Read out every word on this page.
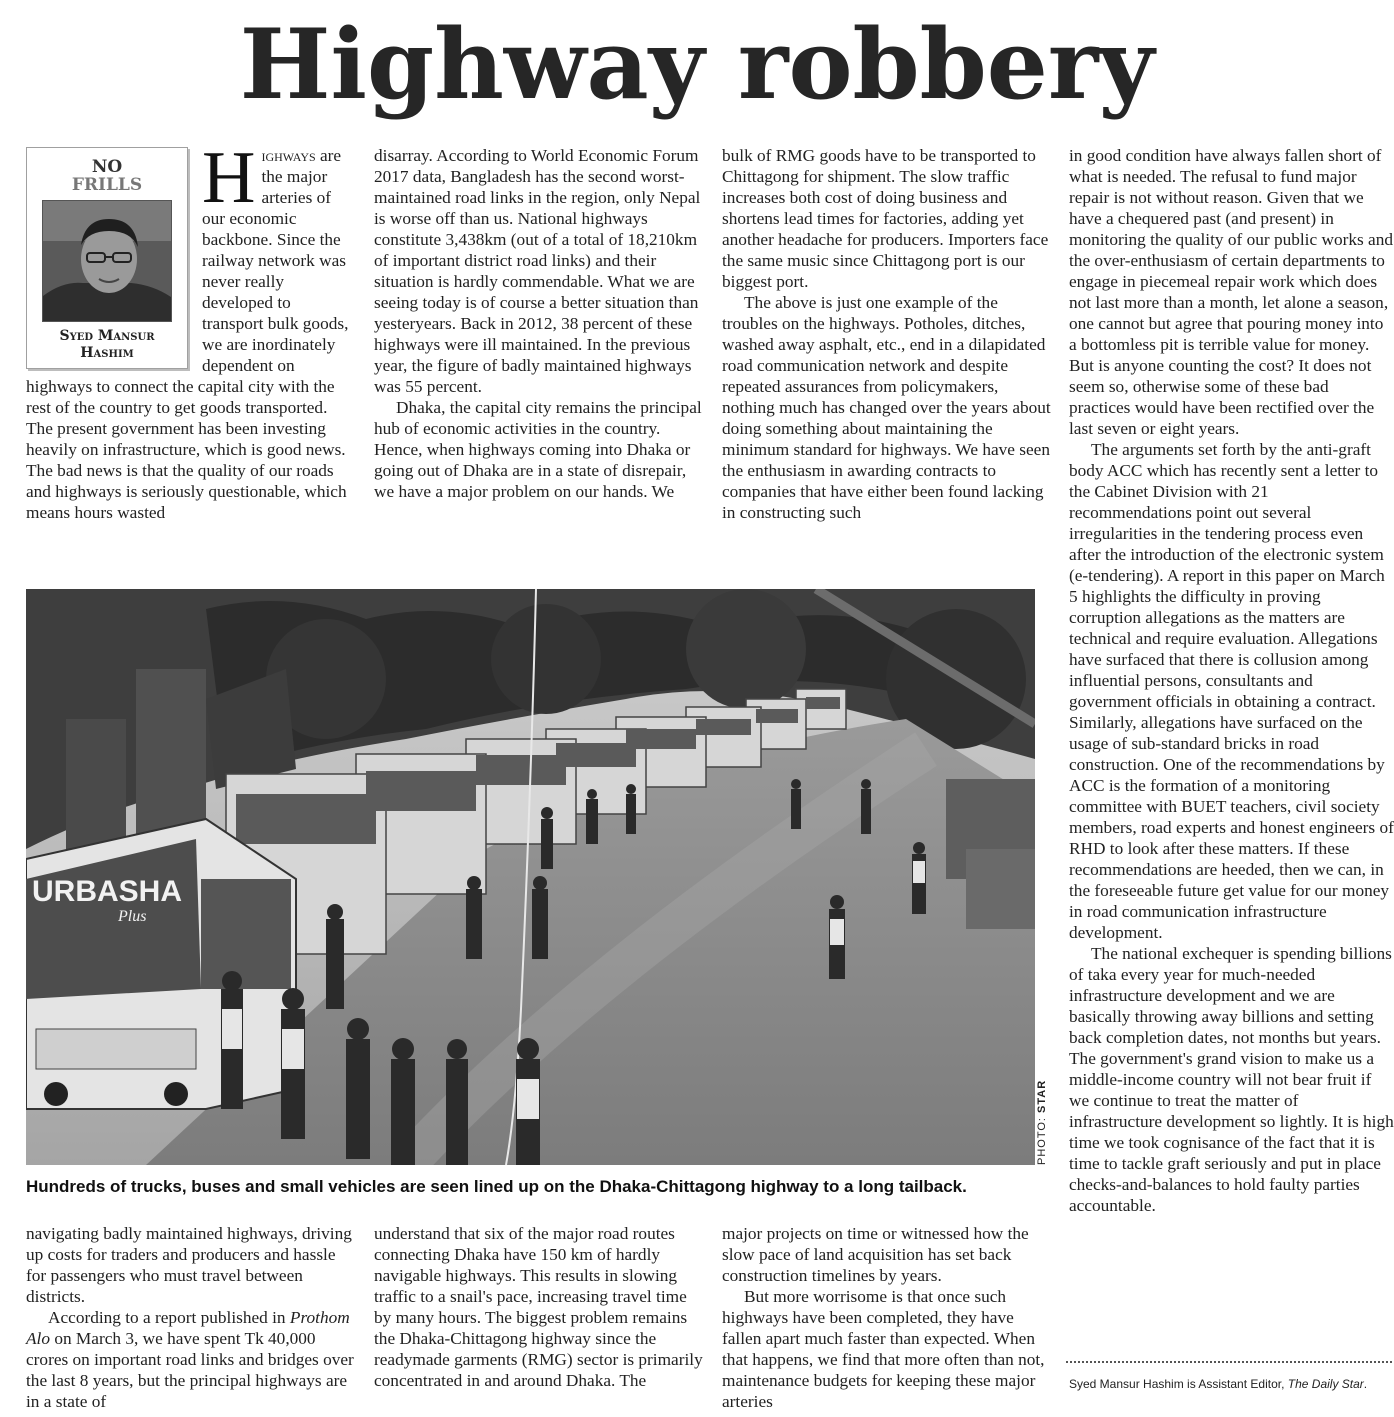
Highway robbery
NO
FRILLS
Syed Mansur
Hashim

Highways are the major arteries of our economic backbone. Since the railway network was never really developed to transport bulk goods, we are inordinately dependent on highways to connect the capital city with the rest of the country to get goods transported. The present government has been investing heavily on infrastructure, which is good news. The bad news is that the quality of our roads and highways is seriously questionable, which means hours wasted

disarray. According to World Economic Forum 2017 data, Bangladesh has the second worst-maintained road links in the region, only Nepal is worse off than us. National highways constitute 3,438km (out of a total of 18,210km of important district road links) and their situation is hardly commendable. What we are seeing today is of course a better situation than yesteryears. Back in 2012, 38 percent of these highways were ill maintained. In the previous year, the figure of badly maintained highways was 55 percent.

Dhaka, the capital city remains the principal hub of economic activities in the country. Hence, when highways coming into Dhaka or going out of Dhaka are in a state of disrepair, we have a major problem on our hands. We

bulk of RMG goods have to be transported to Chittagong for shipment. The slow traffic increases both cost of doing business and shortens lead times for factories, adding yet another headache for producers. Importers face the same music since Chittagong port is our biggest port.

The above is just one example of the troubles on the highways. Potholes, ditches, washed away asphalt, etc., end in a dilapidated road communication network and despite repeated assurances from policymakers, nothing much has changed over the years about doing something about maintaining the minimum standard for highways. We have seen the enthusiasm in awarding contracts to companies that have either been found lacking in constructing such

in good condition have always fallen short of what is needed. The refusal to fund major repair is not without reason. Given that we have a chequered past (and present) in monitoring the quality of our public works and the over-enthusiasm of certain departments to engage in piecemeal repair work which does not last more than a month, let alone a season, one cannot but agree that pouring money into a bottomless pit is terrible value for money. But is anyone counting the cost? It does not seem so, otherwise some of these bad practices would have been rectified over the last seven or eight years.

The arguments set forth by the anti-graft body ACC which has recently sent a letter to the Cabinet Division with 21 recommendations point out several irregularities in the tendering process even after the introduction of the electronic system (e-tendering). A report in this paper on March 5 highlights the difficulty in proving corruption allegations as the matters are technical and require evaluation. Allegations have surfaced that there is collusion among influential persons, consultants and government officials in obtaining a contract. Similarly, allegations have surfaced on the usage of sub-standard bricks in road construction. One of the recommendations by ACC is the formation of a monitoring committee with BUET teachers, civil society members, road experts and honest engineers of RHD to look after these matters. If these recommendations are heeded, then we can, in the foreseeable future get value for our money in road communication infrastructure development.

The national exchequer is spending billions of taka every year for much-needed infrastructure development and we are basically throwing away billions and setting back completion dates, not months but years. The government's grand vision to make us a middle-income country will not bear fruit if we continue to treat the matter of infrastructure development so lightly. It is high time we took cognisance of the fact that it is time to tackle graft seriously and put in place checks-and-balances to hold faulty parties accountable.

URBASHA
Plus
PHOTO: STAR
Hundreds of trucks, buses and small vehicles are seen lined up on the Dhaka-Chittagong highway to a long tailback.

navigating badly maintained highways, driving up costs for traders and producers and hassle for passengers who must travel between districts.

According to a report published in Prothom Alo on March 3, we have spent Tk 40,000 crores on important road links and bridges over the last 8 years, but the principal highways are in a state of

understand that six of the major road routes connecting Dhaka have 150 km of hardly navigable highways. This results in slowing traffic to a snail's pace, increasing travel time by many hours. The biggest problem remains the Dhaka-Chittagong highway since the readymade garments (RMG) sector is primarily concentrated in and around Dhaka. The

major projects on time or witnessed how the slow pace of land acquisition has set back construction timelines by years.

But more worrisome is that once such highways have been completed, they have fallen apart much faster than expected. When that happens, we find that more often than not, maintenance budgets for keeping these major arteries

Syed Mansur Hashim is Assistant Editor, The Daily Star.
